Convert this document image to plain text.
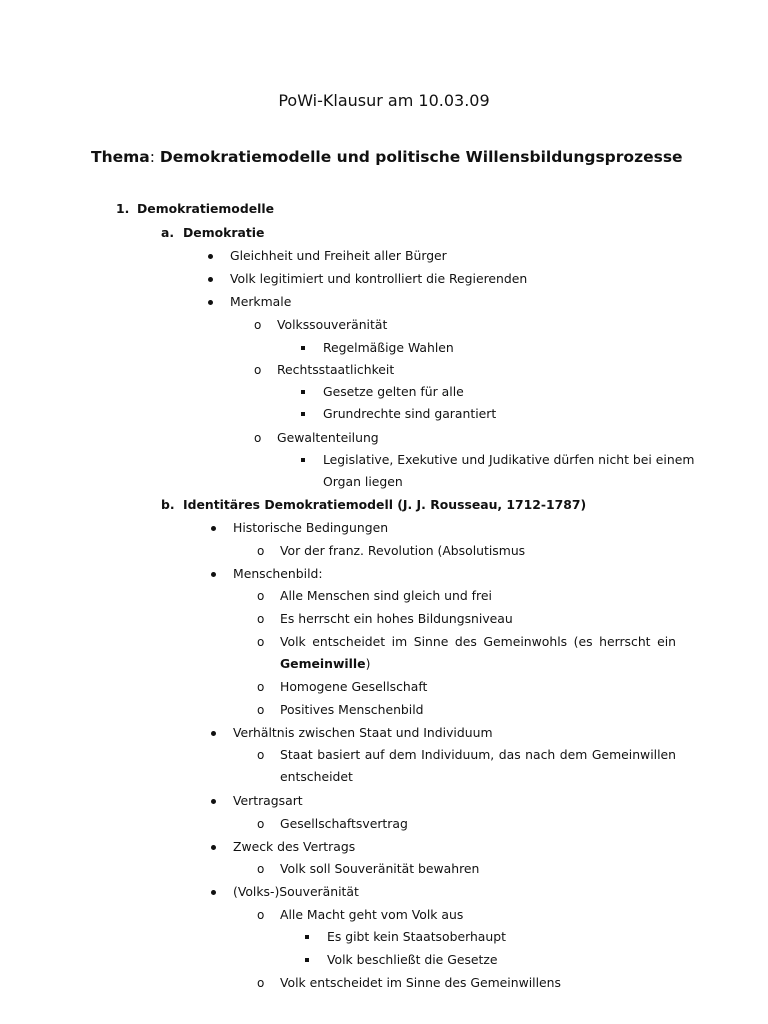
PoWi-Klausur am 10.03.09
Thema: Demokratiemodelle und politische Willensbildungsprozesse
1. Demokratiemodelle
a. Demokratie
Gleichheit und Freiheit aller Bürger
Volk legitimiert und kontrolliert die Regierenden
Merkmale
o Volkssouveränität
Regelmäßige Wahlen
o Rechtsstaatlichkeit
Gesetze gelten für alle
Grundrechte sind garantiert
o Gewaltenteilung
Legislative, Exekutive und Judikative dürfen nicht bei einem
Organ liegen
b. Identitäres Demokratiemodell (J. J. Rousseau, 1712-1787)
Historische Bedingungen
o Vor der franz. Revolution (Absolutismus
Menschenbild:
o Alle Menschen sind gleich und frei
o Es herrscht ein hohes Bildungsniveau
o Volk entscheidet im Sinne des Gemeinwohls (es herrscht ein
Gemeinwille)
o Homogene Gesellschaft
o Positives Menschenbild
Verhältnis zwischen Staat und Individuum
o Staat basiert auf dem Individuum, das nach dem Gemeinwillen
entscheidet
Vertragsart
o Gesellschaftsvertrag
Zweck des Vertrags
o Volk soll Souveränität bewahren
(Volks-)Souveränität
o Alle Macht geht vom Volk aus
Es gibt kein Staatsoberhaupt
Volk beschließt die Gesetze
o Volk entscheidet im Sinne des Gemeinwillens
